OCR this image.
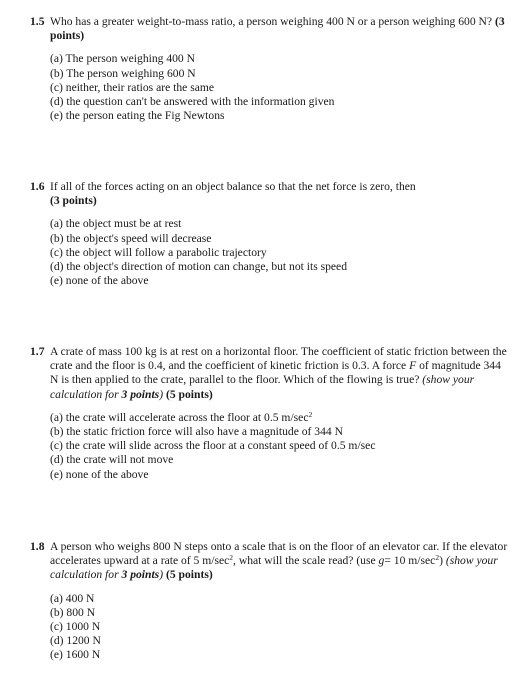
1.5 Who has a greater weight-to-mass ratio, a person weighing 400 N or a person weighing 600 N? (3 points)
(a) The person weighing 400 N
(b) The person weighing 600 N
(c) neither, their ratios are the same
(d) the question can't be answered with the information given
(e) the person eating the Fig Newtons
1.6 If all of the forces acting on an object balance so that the net force is zero, then
(3 points)
(a) the object must be at rest
(b) the object's speed will decrease
(c) the object will follow a parabolic trajectory
(d) the object's direction of motion can change, but not its speed
(e) none of the above
1.7 A crate of mass 100 kg is at rest on a horizontal floor. The coefficient of static friction between the crate and the floor is 0.4, and the coefficient of kinetic friction is 0.3. A force F of magnitude 344 N is then applied to the crate, parallel to the floor. Which of the flowing is true? (show your calculation for 3 points) (5 points)
(a) the crate will accelerate across the floor at 0.5 $m/\sec^2$
(b) the static friction force will also have a magnitude of 344 N
(c) the crate will slide across the floor at a constant speed of 0.5 m/sec
(d) the crate will not move
(e) none of the above
1.8 A person who weighs 800 N steps onto a scale that is on the floor of an elevator car. If the elevator accelerates upward at a rate of 5 $m/\sec^2$, what will the scale read? (use g= 10 $m/\sec^2$) (show your calculation for 3 points) (5 points)
(a) 400 N
(b) 800 N
(c) 1000 N
(d) 1200 N
(e) 1600 N
